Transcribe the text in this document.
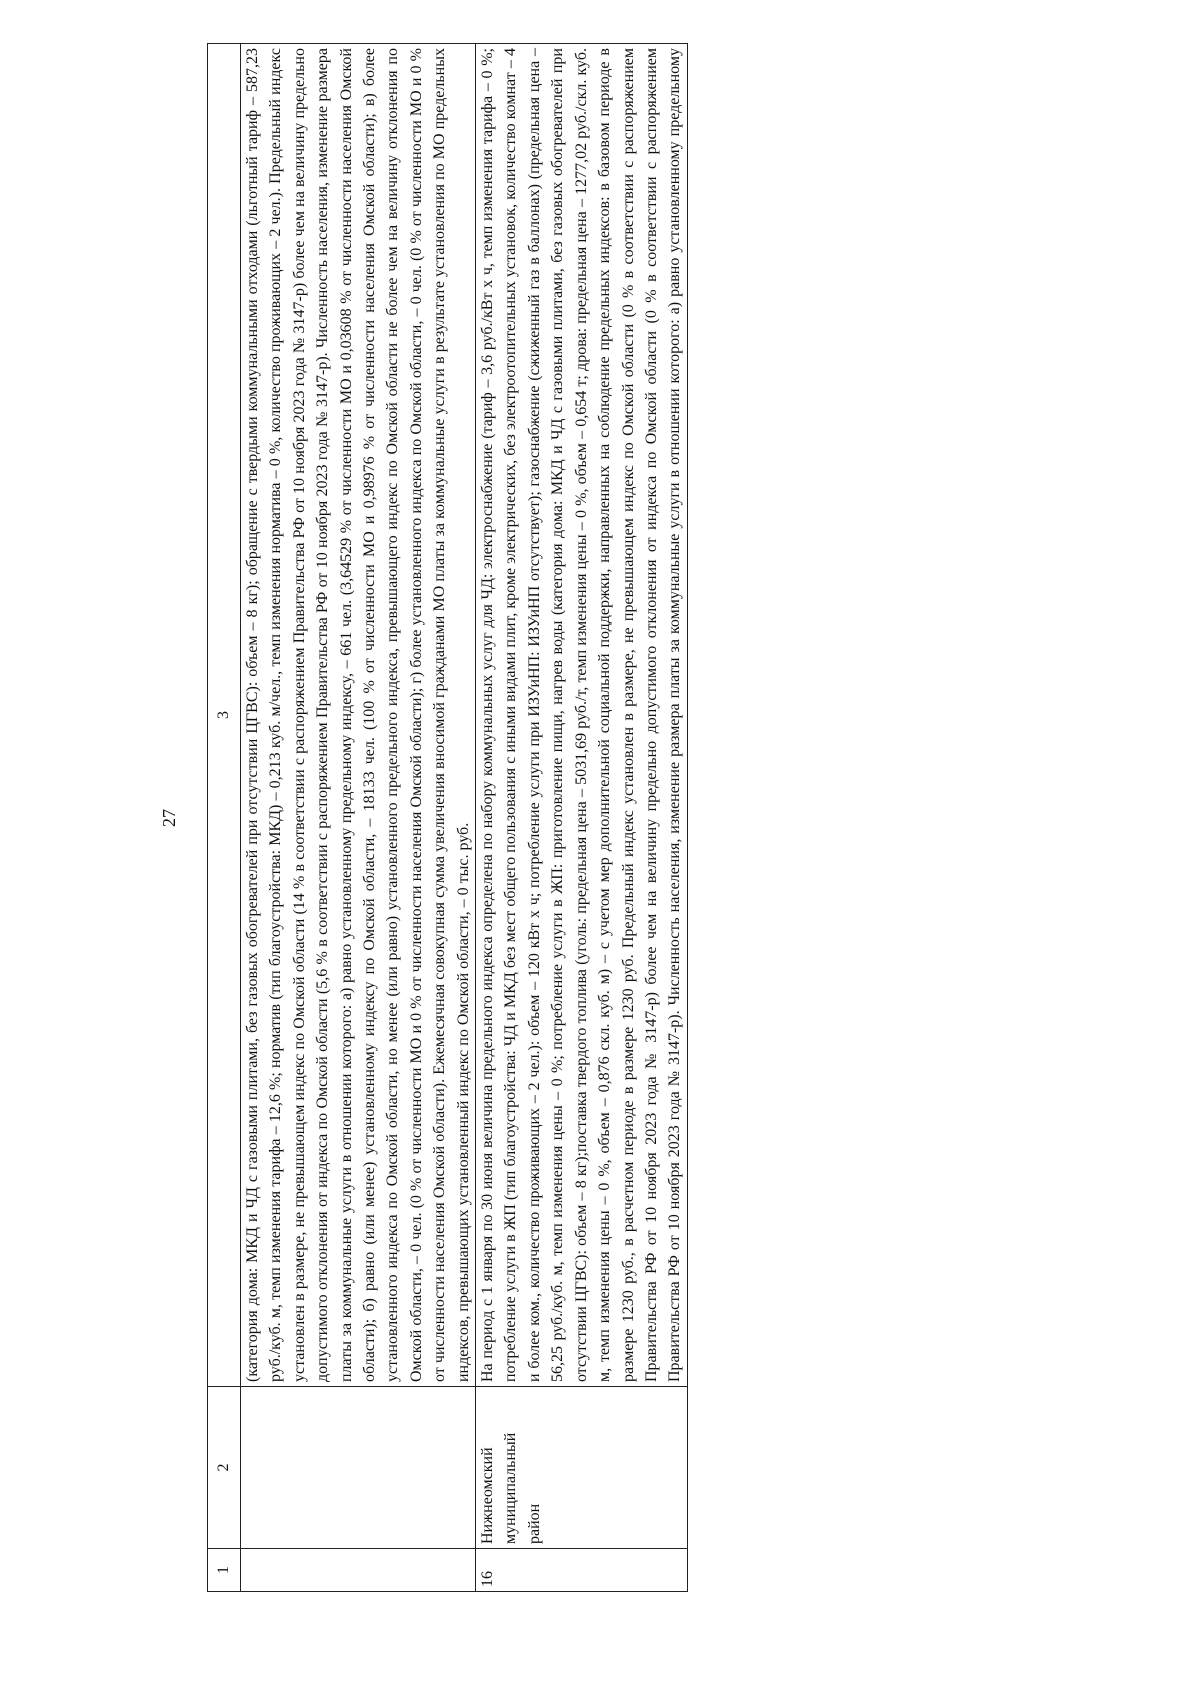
27
1	2	3
		(категория дома: МКД и ЧД с газовыми плитами, без газовых обогревателей при отсутствии ЦГВС): объем – 8 кг); обращение с твердыми коммунальными отходами (льготный тариф – 587,23 руб./куб. м, темп изменения тарифа – 12,6 %; норматив (тип благоустройства: МКД) – 0,213 куб. м/чел., темп изменения норматива – 0 %, количество проживающих – 2 чел.). Предельный индекс установлен в размере, не превышающем индекс по Омской области (14 % в соответствии с распоряжением Правительства РФ от 10 ноября 2023 года № 3147-р) более чем на величину предельно допустимого отклонения от индекса по Омской области (5,6 % в соответствии с распоряжением Правительства РФ от 10 ноября 2023 года № 3147-р). Численность населения, изменение размера платы за коммунальные услуги в отношении которого: а) равно установленному предельному индексу, – 661 чел. (3,64529 % от численности МО и 0,03608 % от численности населения Омской области); б) равно (или менее) установленному индексу по Омской области, – 18133 чел. (100 % от численности МО и 0,98976 % от численности населения Омской области); в) более установленного индекса по Омской области, но менее (или равно) установленного предельного индекса, превышающего индекс по Омской области не более чем на величину отклонения по Омской области, – 0 чел. (0 % от численности МО и 0 % от численности населения Омской области); г) более установленного индекса по Омской области, – 0 чел. (0 % от численности МО и 0 % от численности населения Омской области). Ежемесячная совокупная сумма увеличения вносимой гражданами МО платы за коммунальные услуги в результате установления по МО предельных индексов, превышающих установленный индекс по Омской области, – 0 тыс. руб.
16	Нижнеомский муниципальный район	На период с 1 января по 30 июня величина предельного индекса определена по набору коммунальных услуг для ЧД: электроснабжение (тариф – 3,6 руб./кВт х ч, темп изменения тарифа – 0 %; потребление услуги в ЖП (тип благоустройства: ЧД и МКД без мест общего пользования с иными видами плит, кроме электрических, без электроотопительных установок, количество комнат – 4 и более ком., количество проживающих – 2 чел.): объем – 120 кВт х ч; потребление услуги при ИЗУиНП: ИЗУиНП отсутствует); газоснабжение (сжиженный газ в баллонах) (предельная цена – 56,25 руб./куб. м, темп изменения цены – 0 %; потребление услуги в ЖП: приготовление пищи, нагрев воды (категория дома: МКД и ЧД с газовыми плитами, без газовых обогревателей при отсутствии ЦГВС): объем – 8 кг);поставка твердого топлива (уголь: предельная цена – 5031,69 руб./т, темп изменения цены – 0 %, объем – 0,654 т; дрова: предельная цена – 1277,02 руб./скл. куб. м, темп изменения цены – 0 %, объем – 0,876 скл. куб. м) – с учетом мер дополнительной социальной поддержки, направленных на соблюдение предельных индексов: в базовом периоде в размере 1230 руб., в расчетном периоде в размере 1230 руб. Предельный индекс установлен в размере, не превышающем индекс по Омской области (0 % в соответствии с распоряжением Правительства РФ от 10 ноября 2023 года № 3147-р) более чем на величину предельно допустимого отклонения от индекса по Омской области (0 % в соответствии с распоряжением Правительства РФ от 10 ноября 2023 года № 3147-р). Численность населения, изменение размера платы за коммунальные услуги в отношении которого: а) равно установленному предельному
